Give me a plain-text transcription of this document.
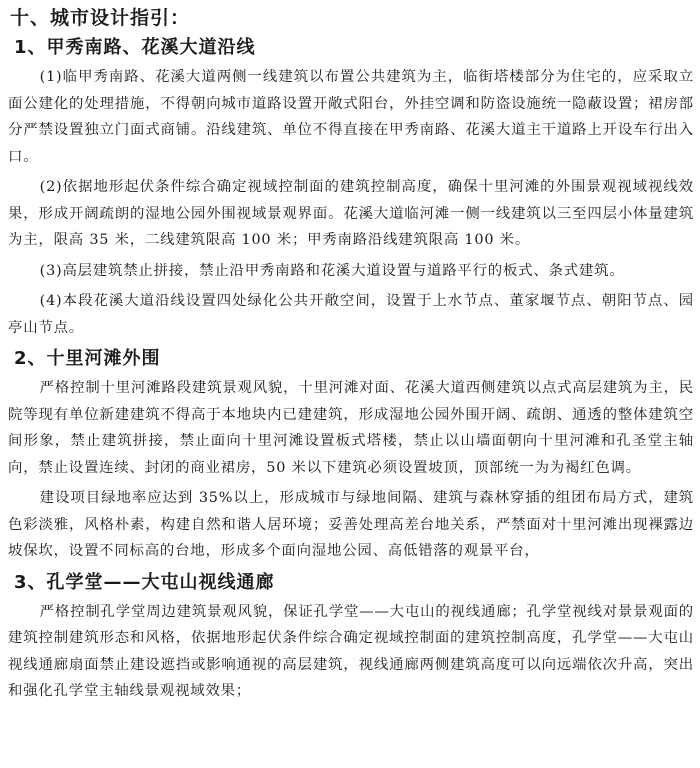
十、城市设计指引：
1、甲秀南路、花溪大道沿线
(1)临甲秀南路、花溪大道两侧一线建筑以布置公共建筑为主，临街塔楼部分为住宅的，应采取立面公建化的处理措施，不得朝向城市道路设置开敞式阳台，外挂空调和防盗设施统一隐蔽设置；裙房部分严禁设置独立门面式商铺。沿线建筑、单位不得直接在甲秀南路、花溪大道主干道路上开设车行出入口。
(2)依据地形起伏条件综合确定视域控制面的建筑控制高度，确保十里河滩的外围景观视域视线效果，形成开阔疏朗的湿地公园外围视域景观界面。花溪大道临河滩一侧一线建筑以三至四层小体量建筑为主，限高 35 米，二线建筑限高 100 米；甲秀南路沿线建筑限高 100 米。
(3)高层建筑禁止拼接，禁止沿甲秀南路和花溪大道设置与道路平行的板式、条式建筑。
(4)本段花溪大道沿线设置四处绿化公共开敞空间，设置于上水节点、董家堰节点、朝阳节点、园亭山节点。
2、十里河滩外围
严格控制十里河滩路段建筑景观风貌，十里河滩对面、花溪大道西侧建筑以点式高层建筑为主，民院等现有单位新建建筑不得高于本地块内已建建筑，形成湿地公园外围开阔、疏朗、通透的整体建筑空间形象，禁止建筑拼接，禁止面向十里河滩设置板式塔楼，禁止以山墙面朝向十里河滩和孔圣堂主轴向，禁止设置连续、封闭的商业裙房，50 米以下建筑必须设置坡顶，顶部统一为为褐红色调。
建设项目绿地率应达到 35%以上，形成城市与绿地间隔、建筑与森林穿插的组团布局方式，建筑色彩淡雅，风格朴素，构建自然和谐人居环境；妥善处理高差台地关系，严禁面对十里河滩出现裸露边坡保坎，设置不同标高的台地，形成多个面向湿地公园、高低错落的观景平台，
3、孔学堂——大屯山视线通廊
严格控制孔学堂周边建筑景观风貌，保证孔学堂——大屯山的视线通廊；孔学堂视线对景景观面的建筑控制建筑形态和风格，依据地形起伏条件综合确定视域控制面的建筑控制高度，孔学堂——大屯山视线通廊扇面禁止建设遮挡或影响通视的高层建筑，视线通廊两侧建筑高度可以向远端依次升高，突出和强化孔学堂主轴线景观视域效果；
